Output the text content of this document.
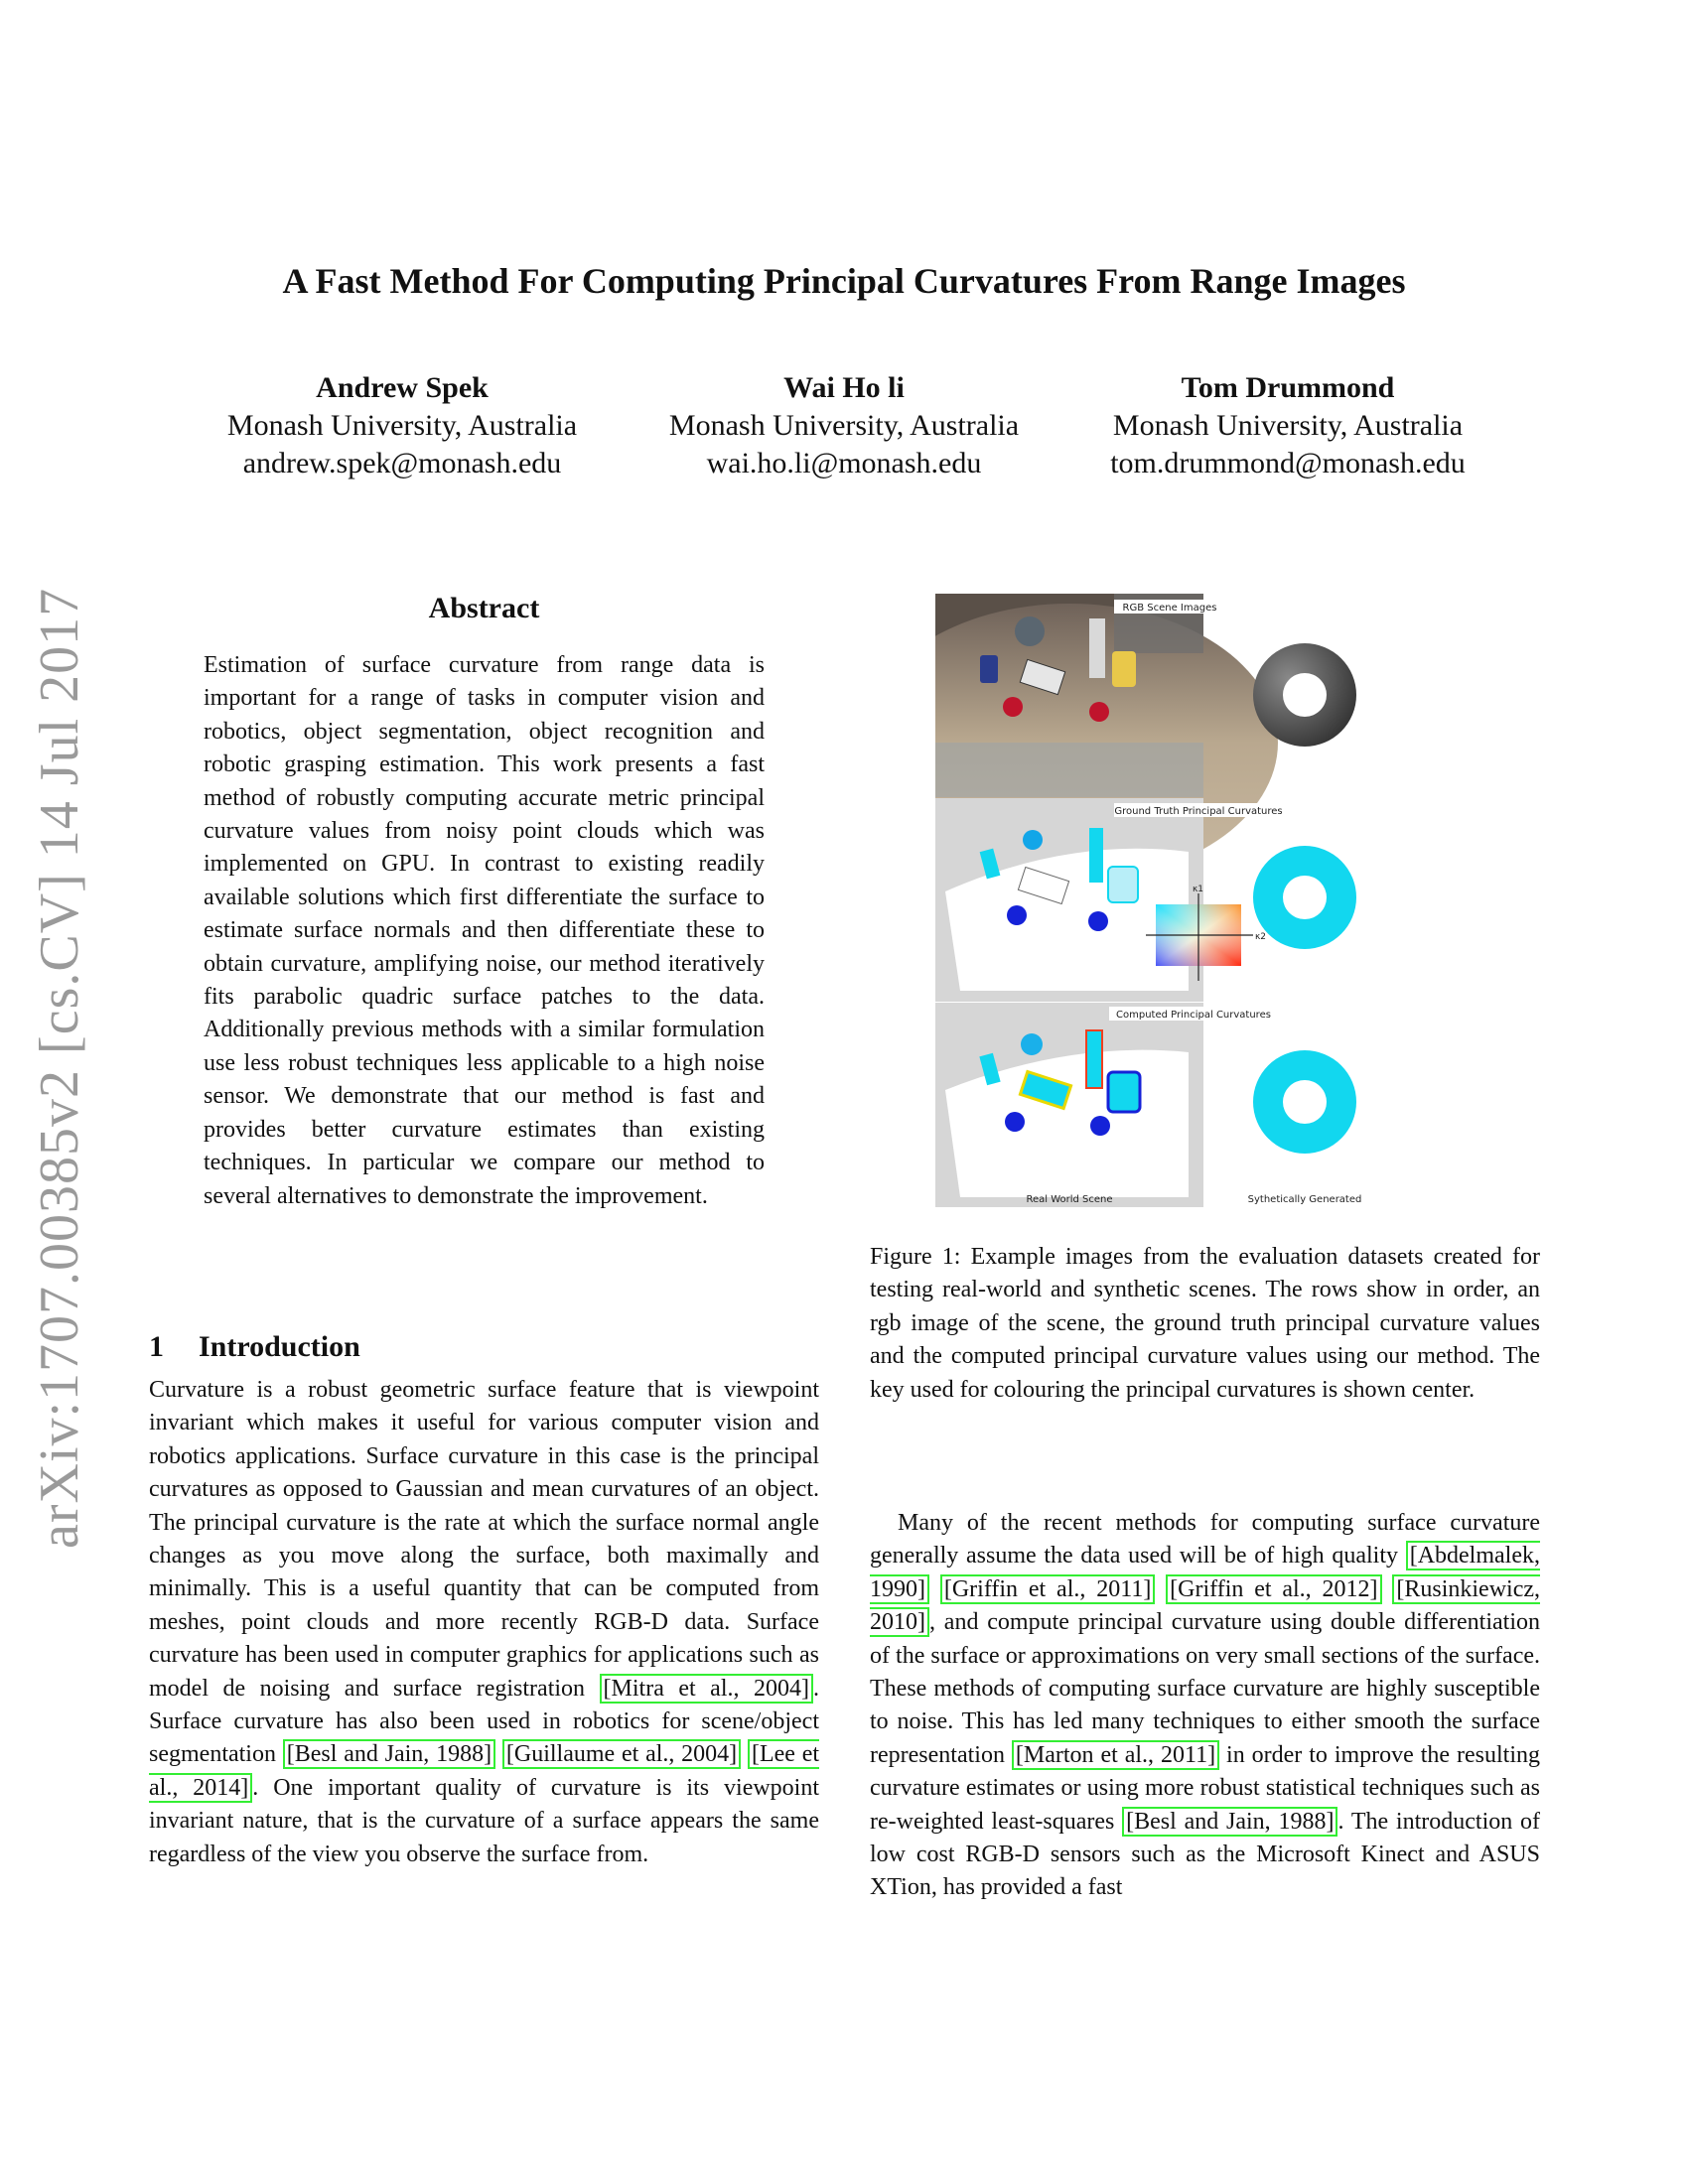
arXiv:1707.00385v2 [cs.CV] 14 Jul 2017
A Fast Method For Computing Principal Curvatures From Range Images
Andrew Spek
Monash University, Australia
andrew.spek@monash.edu
Wai Ho li
Monash University, Australia
wai.ho.li@monash.edu
Tom Drummond
Monash University, Australia
tom.drummond@monash.edu
Abstract
Estimation of surface curvature from range data is important for a range of tasks in computer vision and robotics, object segmentation, object recognition and robotic grasping estimation. This work presents a fast method of robustly computing accurate metric principal curvature values from noisy point clouds which was implemented on GPU. In contrast to existing readily available solutions which first differentiate the surface to estimate surface normals and then differentiate these to obtain curvature, amplifying noise, our method iteratively fits parabolic quadric surface patches to the data. Additionally previous methods with a similar formulation use less robust techniques less applicable to a high noise sensor. We demonstrate that our method is fast and provides better curvature estimates than existing techniques. In particular we compare our method to several alternatives to demonstrate the improvement.
1 Introduction
Curvature is a robust geometric surface feature that is viewpoint invariant which makes it useful for various computer vision and robotics applications. Surface curvature in this case is the principal curvatures as opposed to Gaussian and mean curvatures of an object. The principal curvature is the rate at which the surface normal angle changes as you move along the surface, both maximally and minimally. This is a useful quantity that can be computed from meshes, point clouds and more recently RGB-D data. Surface curvature has been used in computer graphics for applications such as model de noising and surface registration [Mitra et al., 2004] . Surface curvature has also been used in robotics for scene/object segmentation [Besl and Jain, 1988] [Guillaume et al., 2004] [Lee et al., 2014] . One important quality of curvature is its viewpoint invariant nature, that is the curvature of a surface appears the same regardless of the view you observe the surface from.
RGB Scene Images
Ground Truth Principal Curvatures
κ1
κ2
Computed Principal Curvatures
Real World Scene	Sythetically Generated
Figure 1: Example images from the evaluation datasets created for testing real-world and synthetic scenes. The rows show in order, an rgb image of the scene, the ground truth principal curvature values and the computed principal curvature values using our method. The key used for colouring the principal curvatures is shown center.
Many of the recent methods for computing surface curvature generally assume the data used will be of high quality [Abdelmalek, 1990] [Griffin et al., 2011] [Griffin et al., 2012] [Rusinkiewicz, 2010] , and compute principal curvature using double differentiation of the surface or approximations on very small sections of the surface. These methods of computing surface curvature are highly susceptible to noise. This has led many techniques to either smooth the surface representation [Marton et al., 2011] in order to improve the resulting curvature estimates or using more robust statistical techniques such as re-weighted least-squares [Besl and Jain, 1988] . The introduction of low cost RGB-D sensors such as the Microsoft Kinect and ASUS XTion, has provided a fast
